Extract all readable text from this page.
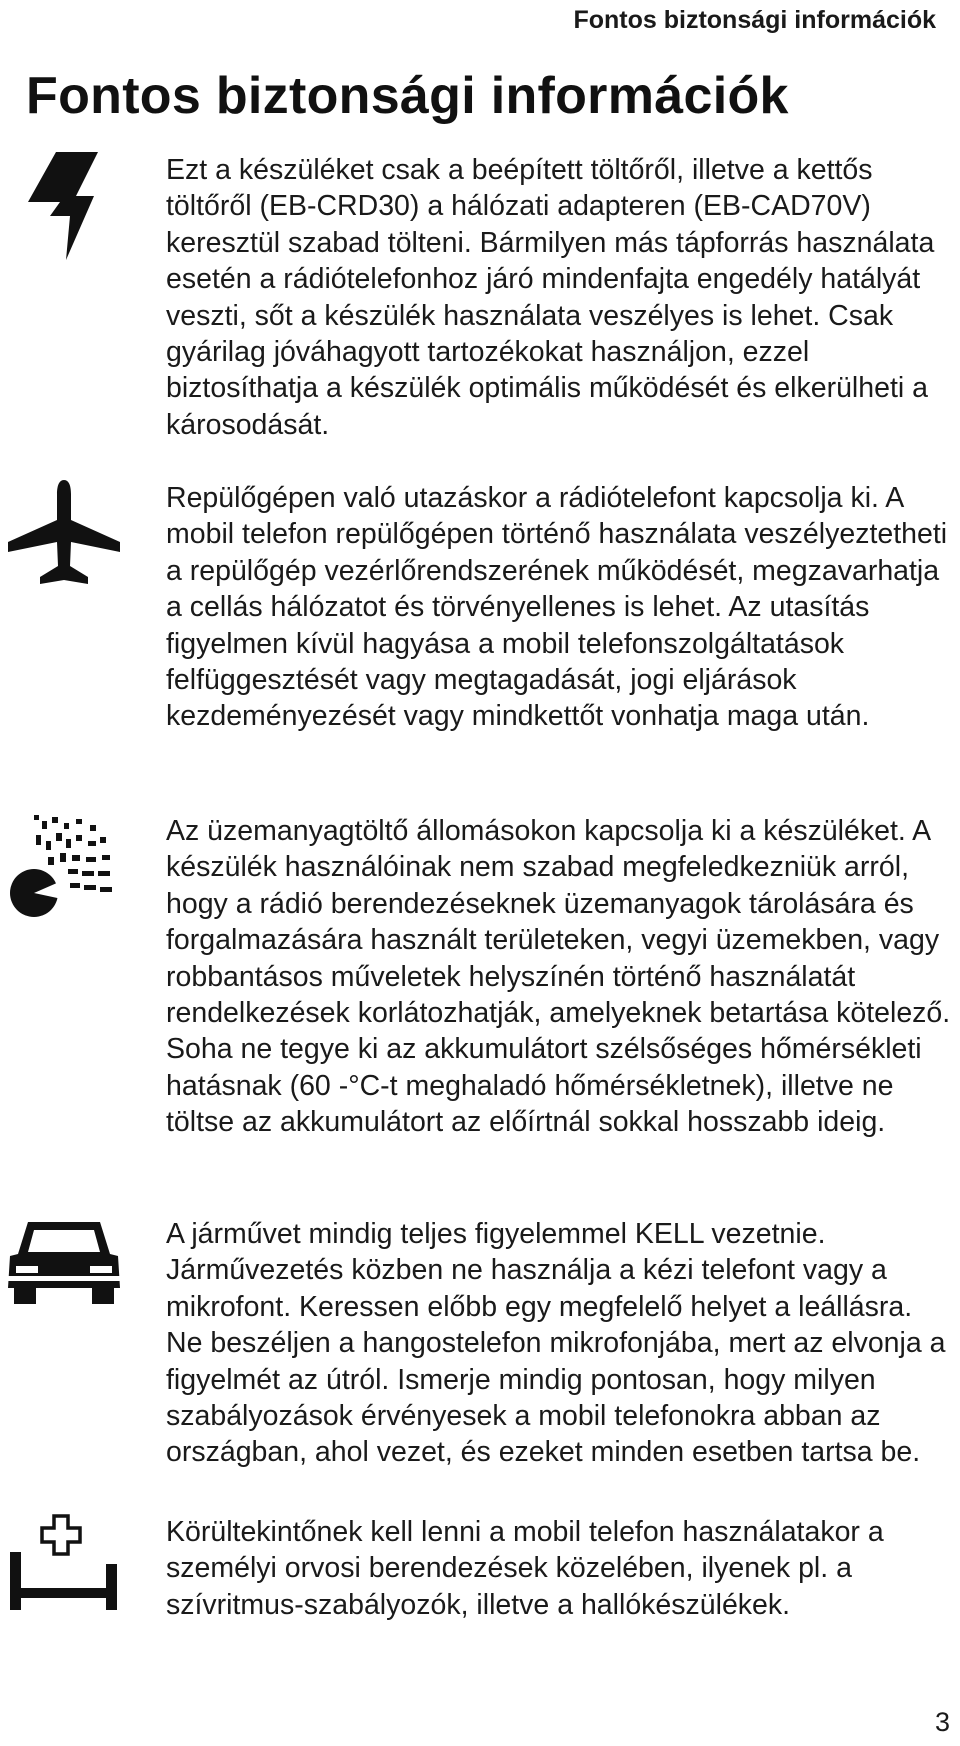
Fontos biztonsági információk
Fontos biztonsági információk

Ezt a készüléket csak a beépített töltőről, illetve a kettős töltőről (EB-CRD30) a hálózati adapteren (EB-CAD70V) keresztül szabad tölteni. Bármilyen más tápforrás használata esetén a rádiótelefonhoz járó mindenfajta engedély hatályát veszti, sőt a készülék használata veszélyes is lehet. Csak gyárilag jóváhagyott tartozékokat használjon, ezzel biztosíthatja a készülék optimális működését és elkerülheti a károsodását.

Repülőgépen való utazáskor a rádiótelefont kapcsolja ki. A mobil telefon repülőgépen történő használata veszélyeztetheti a repülőgép vezérlőrendszerének működését, megzavarhatja a cellás hálózatot és törvényellenes is lehet. Az utasítás figyelmen kívül hagyása a mobil telefonszolgáltatások felfüggesztését vagy megtagadását, jogi eljárások kezdeményezését vagy mindkettőt vonhatja maga után.

Az üzemanyagtöltő állomásokon kapcsolja ki a készüléket. A készülék használóinak nem szabad megfeledkezniük arról, hogy a rádió berendezéseknek üzemanyagok tárolására és forgalmazására használt területeken, vegyi üzemekben, vagy robbantásos műveletek helyszínén történő használatát rendelkezések korlátozhatják, amelyeknek betartása kötelező. Soha ne tegye ki az akkumulátort szélsőséges hőmérsékleti hatásnak (60 -°C-t meghaladó hőmérsékletnek), illetve ne töltse az akkumulátort az előírtnál sokkal hosszabb ideig.

A járművet mindig teljes figyelemmel KELL vezetnie. Járművezetés közben ne használja a kézi telefont vagy a mikrofont. Keressen előbb egy megfelelő helyet a leállásra. Ne beszéljen a hangostelefon mikrofonjába, mert az elvonja a figyelmét az útról. Ismerje mindig pontosan, hogy milyen szabályozások érvényesek a mobil telefonokra abban az országban, ahol vezet, és ezeket minden esetben tartsa be.

Körültekintőnek kell lenni a mobil telefon használatakor a személyi orvosi berendezések közelében, ilyenek pl. a szívritmus-szabályozók, illetve a hallókészülékek.

3
